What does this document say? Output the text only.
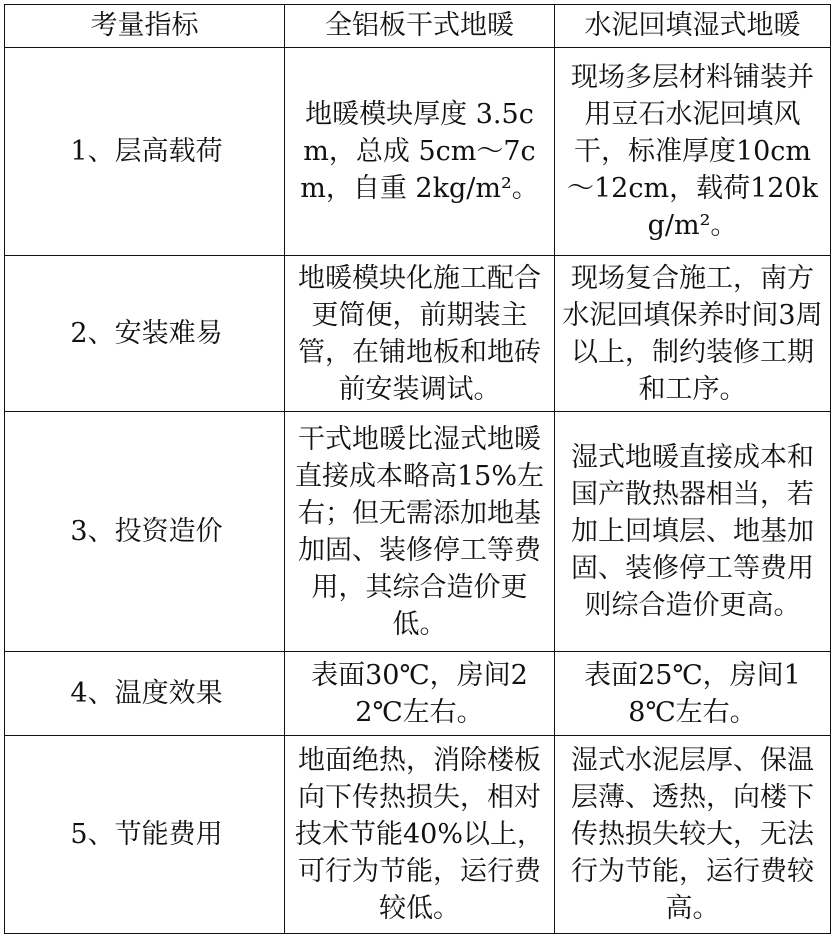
考量指标	全铝板干式地暖	水泥回填湿式地暖
1、层高载荷	地暖模块厚度 3.5cm，总成 5cm～7cm，自重 2kg/m²。	现场多层材料铺装并用豆石水泥回填风干，标准厚度10cm～12cm，载荷120kg/m²。
2、安装难易	地暖模块化施工配合更简便，前期装主管，在铺地板和地砖前安装调试。	现场复合施工，南方水泥回填保养时间3周以上，制约装修工期和工序。
3、投资造价	干式地暖比湿式地暖直接成本略高15%左右；但无需添加地基加固、装修停工等费用，其综合造价更低。	湿式地暖直接成本和国产散热器相当，若加上回填层、地基加固、装修停工等费用则综合造价更高。
4、温度效果	表面30℃，房间22℃左右。	表面25℃，房间18℃左右。
5、节能费用	地面绝热，消除楼板向下传热损失，相对技术节能40%以上，可行为节能，运行费较低。	湿式水泥层厚、保温层薄、透热，向楼下传热损失较大，无法行为节能，运行费较高。
